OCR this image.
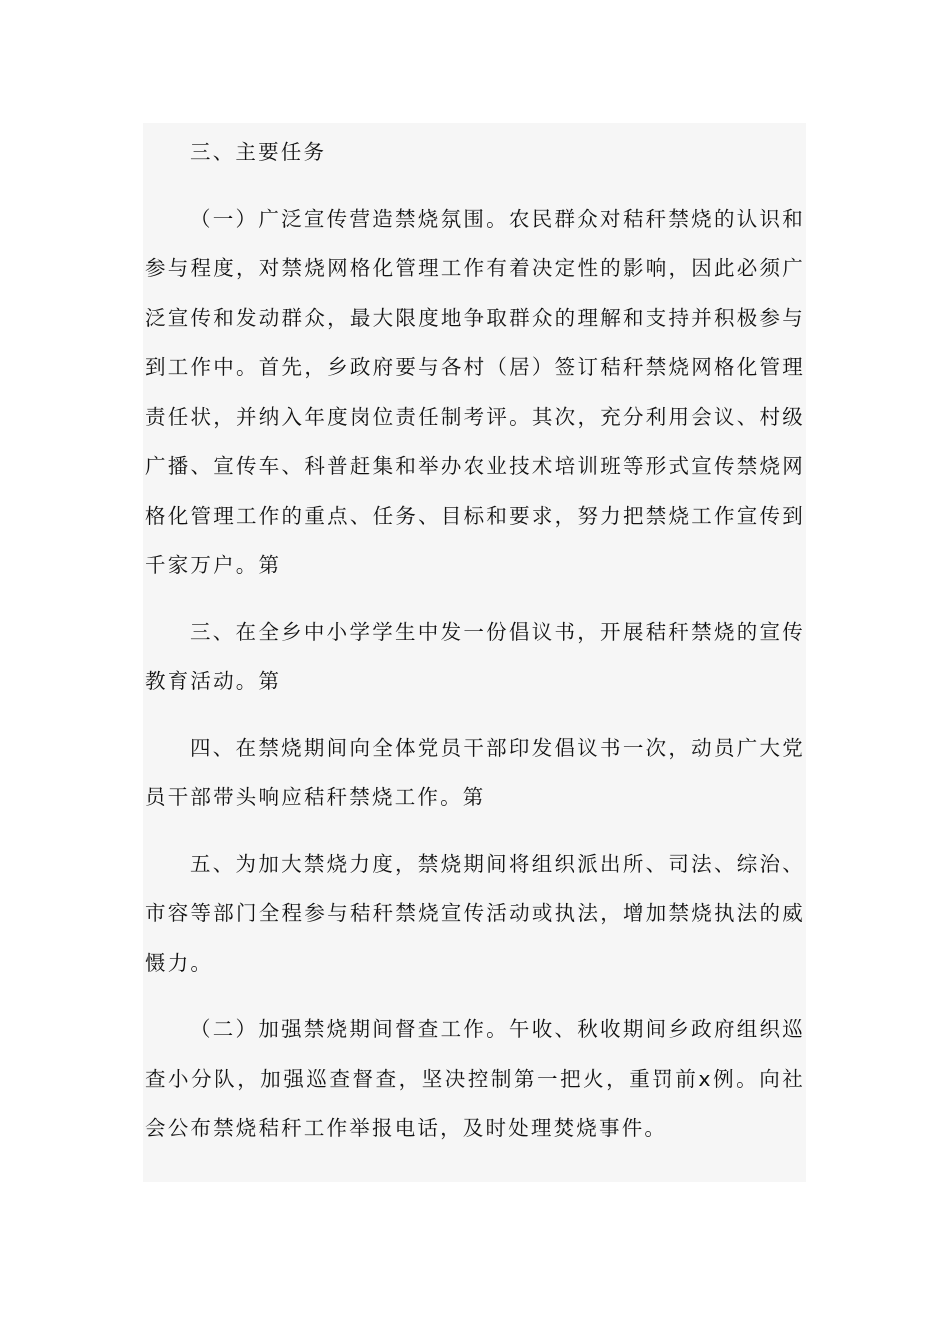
三、主要任务

（一）广泛宣传营造禁烧氛围。农民群众对秸秆禁烧的认识和参与程度，对禁烧网格化管理工作有着决定性的影响，因此必须广泛宣传和发动群众，最大限度地争取群众的理解和支持并积极参与到工作中。首先，乡政府要与各村（居）签订秸秆禁烧网格化管理责任状，并纳入年度岗位责任制考评。其次，充分利用会议、村级广播、宣传车、科普赶集和举办农业技术培训班等形式宣传禁烧网格化管理工作的重点、任务、目标和要求，努力把禁烧工作宣传到千家万户。第

三、在全乡中小学学生中发一份倡议书，开展秸秆禁烧的宣传教育活动。第

四、在禁烧期间向全体党员干部印发倡议书一次，动员广大党员干部带头响应秸秆禁烧工作。第

五、为加大禁烧力度，禁烧期间将组织派出所、司法、综治、市容等部门全程参与秸秆禁烧宣传活动或执法，增加禁烧执法的威慑力。

（二）加强禁烧期间督查工作。午收、秋收期间乡政府组织巡查小分队，加强巡查督查，坚决控制第一把火，重罚前x例。向社会公布禁烧秸秆工作举报电话，及时处理焚烧事件。
